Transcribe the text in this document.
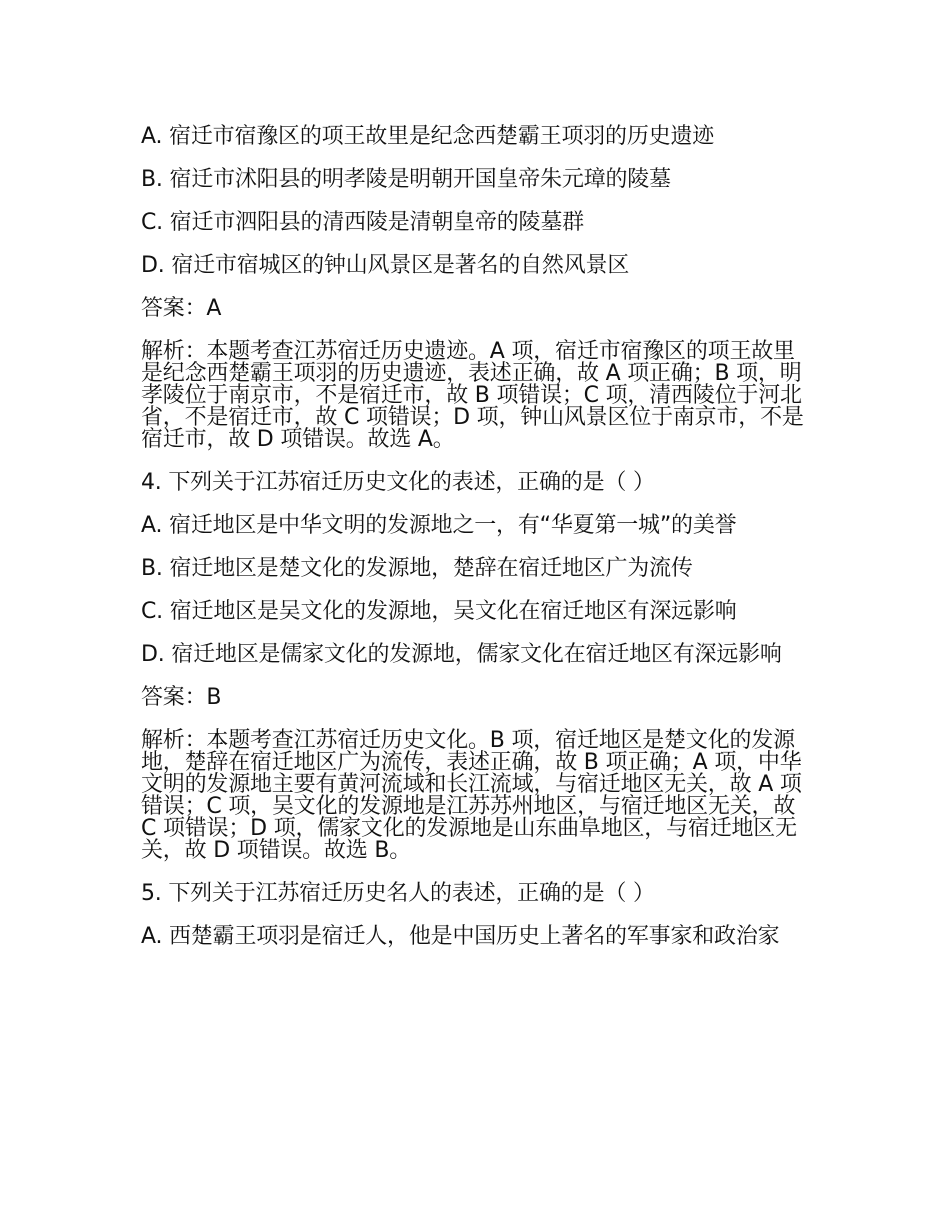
A. 宿迁市宿豫区的项王故里是纪念西楚霸王项羽的历史遗迹

B. 宿迁市沭阳县的明孝陵是明朝开国皇帝朱元璋的陵墓

C. 宿迁市泗阳县的清西陵是清朝皇帝的陵墓群

D. 宿迁市宿城区的钟山风景区是著名的自然风景区

答案：A

解析：本题考查江苏宿迁历史遗迹。A 项，宿迁市宿豫区的项王故里是纪念西楚霸王项羽的历史遗迹，表述正确，故 A 项正确；B 项，明孝陵位于南京市，不是宿迁市，故 B 项错误；C 项，清西陵位于河北省，不是宿迁市，故 C 项错误；D 项，钟山风景区位于南京市，不是宿迁市，故 D 项错误。故选 A。

4. 下列关于江苏宿迁历史文化的表述，正确的是（ ）

A. 宿迁地区是中华文明的发源地之一，有“华夏第一城”的美誉

B. 宿迁地区是楚文化的发源地，楚辞在宿迁地区广为流传

C. 宿迁地区是吴文化的发源地，吴文化在宿迁地区有深远影响

D. 宿迁地区是儒家文化的发源地，儒家文化在宿迁地区有深远影响

答案：B

解析：本题考查江苏宿迁历史文化。B 项，宿迁地区是楚文化的发源地，楚辞在宿迁地区广为流传，表述正确，故 B 项正确；A 项，中华文明的发源地主要有黄河流域和长江流域，与宿迁地区无关，故 A 项错误；C 项，吴文化的发源地是江苏苏州地区，与宿迁地区无关，故 C 项错误；D 项，儒家文化的发源地是山东曲阜地区，与宿迁地区无关，故 D 项错误。故选 B。

5. 下列关于江苏宿迁历史名人的表述，正确的是（ ）

A. 西楚霸王项羽是宿迁人，他是中国历史上著名的军事家和政治家
